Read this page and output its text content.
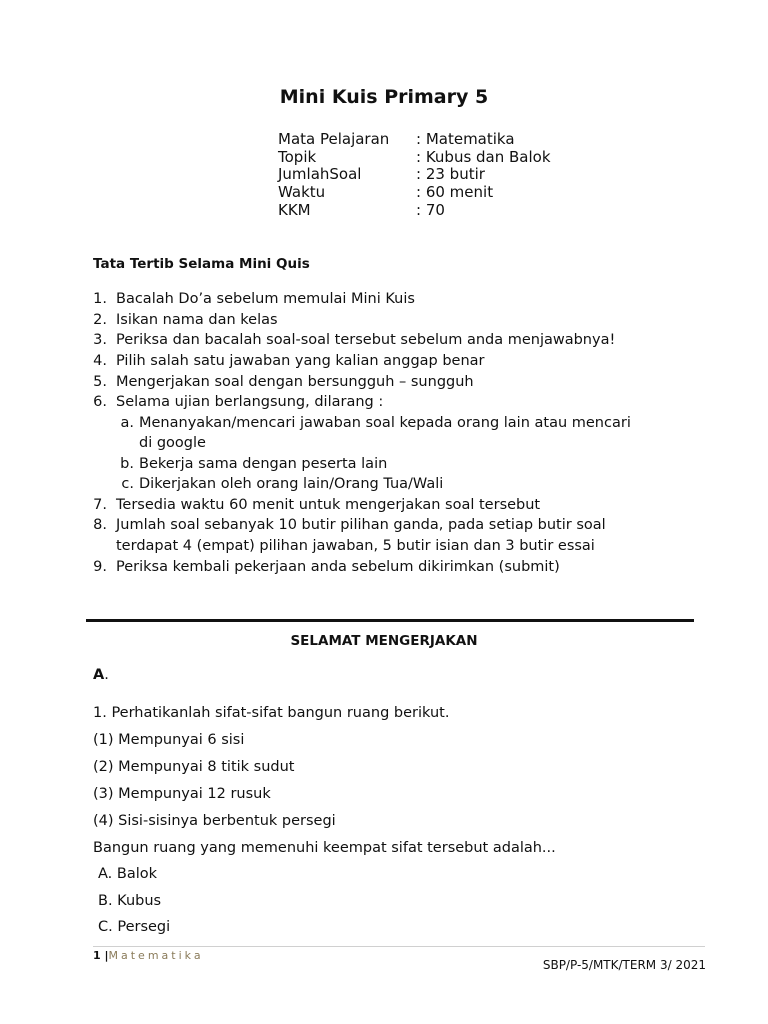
Mini Kuis Primary 5
Mata Pelajaran : Matematika
Topik	: Kubus dan Balok
JumlahSoal	: 23 butir
Waktu	: 60 menit
KKM	: 70
Tata Tertib Selama Mini Quis
1. Bacalah Do’a sebelum memulai Mini Kuis
2. Isikan nama dan kelas
3. Periksa dan bacalah soal-soal tersebut sebelum anda menjawabnya!
4. Pilih salah satu jawaban yang kalian anggap benar
5. Mengerjakan soal dengan bersungguh – sungguh
6. Selama ujian berlangsung, dilarang :
a. Menanyakan/mencari jawaban soal kepada orang lain atau mencari
di google
b. Bekerja sama dengan peserta lain
c. Dikerjakan oleh orang lain/Orang Tua/Wali
7. Tersedia waktu 60 menit untuk mengerjakan soal tersebut
8. Jumlah soal sebanyak 10 butir pilihan ganda, pada setiap butir soal
terdapat 4 (empat) pilihan jawaban, 5 butir isian dan 3 butir essai
9. Periksa kembali pekerjaan anda sebelum dikirimkan (submit)
SELAMAT MENGERJAKAN
A.
1. Perhatikanlah sifat-sifat bangun ruang berikut.
(1) Mempunyai 6 sisi
(2) Mempunyai 8 titik sudut
(3) Mempunyai 12 rusuk
(4) Sisi-sisinya berbentuk persegi
Bangun ruang yang memenuhi keempat sifat tersebut adalah...
A. Balok
B. Kubus
C. Persegi
1 |Matematika
SBP/P-5/MTK/TERM 3/ 2021
